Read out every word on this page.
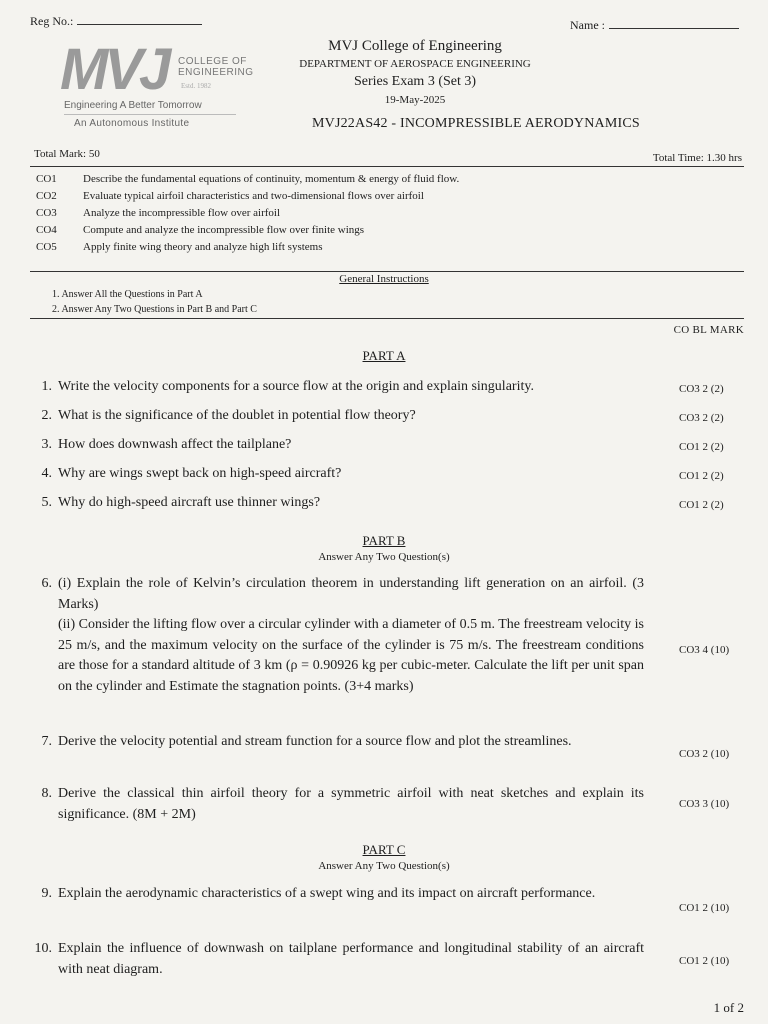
Reg No.:	Name :
MVJ COLLEGE OF
ENGINEERING
Estd. 1982
Engineering A Better Tomorrow
An Autonomous Institute
MVJ College of Engineering
DEPARTMENT OF AEROSPACE ENGINEERING
Series Exam 3 (Set 3)
19-May-2025
MVJ22AS42 - INCOMPRESSIBLE AERODYNAMICS
Total Mark: 50	Total Time: 1.30 hrs
CO1 Describe the fundamental equations of continuity, momentum & energy of fluid flow.
CO2 Evaluate typical airfoil characteristics and two-dimensional flows over airfoil
CO3 Analyze the incompressible flow over airfoil
CO4 Compute and analyze the incompressible flow over finite wings
CO5 Apply finite wing theory and analyze high lift systems
General Instructions
1. Answer All the Questions in Part A
2. Answer Any Two Questions in Part B and Part C
CO BL MARK
PART A
1. Write the velocity components for a source flow at the origin and explain singularity.	CO3 2 (2)
2. What is the significance of the doublet in potential flow theory?	CO3 2 (2)
3. How does downwash affect the tailplane?	CO1 2 (2)
4. Why are wings swept back on high-speed aircraft?	CO1 2 (2)
5. Why do high-speed aircraft use thinner wings?	CO1 2 (2)
PART B
Answer Any Two Question(s)
6. (i) Explain the role of Kelvin’s circulation theorem in understanding lift generation on an airfoil. (3 Marks)

(ii) Consider the lifting flow over a circular cylinder with a diameter of 0.5 m. The freestream velocity is 25 m/s, and the maximum velocity on the surface of the cylinder is 75 m/s. The freestream conditions are those for a standard altitude of 3 km (ρ = 0.90926 kg per cubic-meter. Calculate the lift per unit span on the cylinder and Estimate the stagnation points. (3+4 marks)

CO3 4 (10)
7. Derive the velocity potential and stream function for a source flow and plot the streamlines.
CO3 2 (10)
8. Derive the classical thin airfoil theory for a symmetric airfoil with neat sketches and explain its significance. (8M + 2M)
CO3 3 (10)
PART C
Answer Any Two Question(s)
9. Explain the aerodynamic characteristics of a swept wing and its impact on aircraft performance.
CO1 2 (10)
10. Explain the influence of downwash on tailplane performance and longitudinal stability of an aircraft with neat diagram.
CO1 2 (10)
1 of 2
